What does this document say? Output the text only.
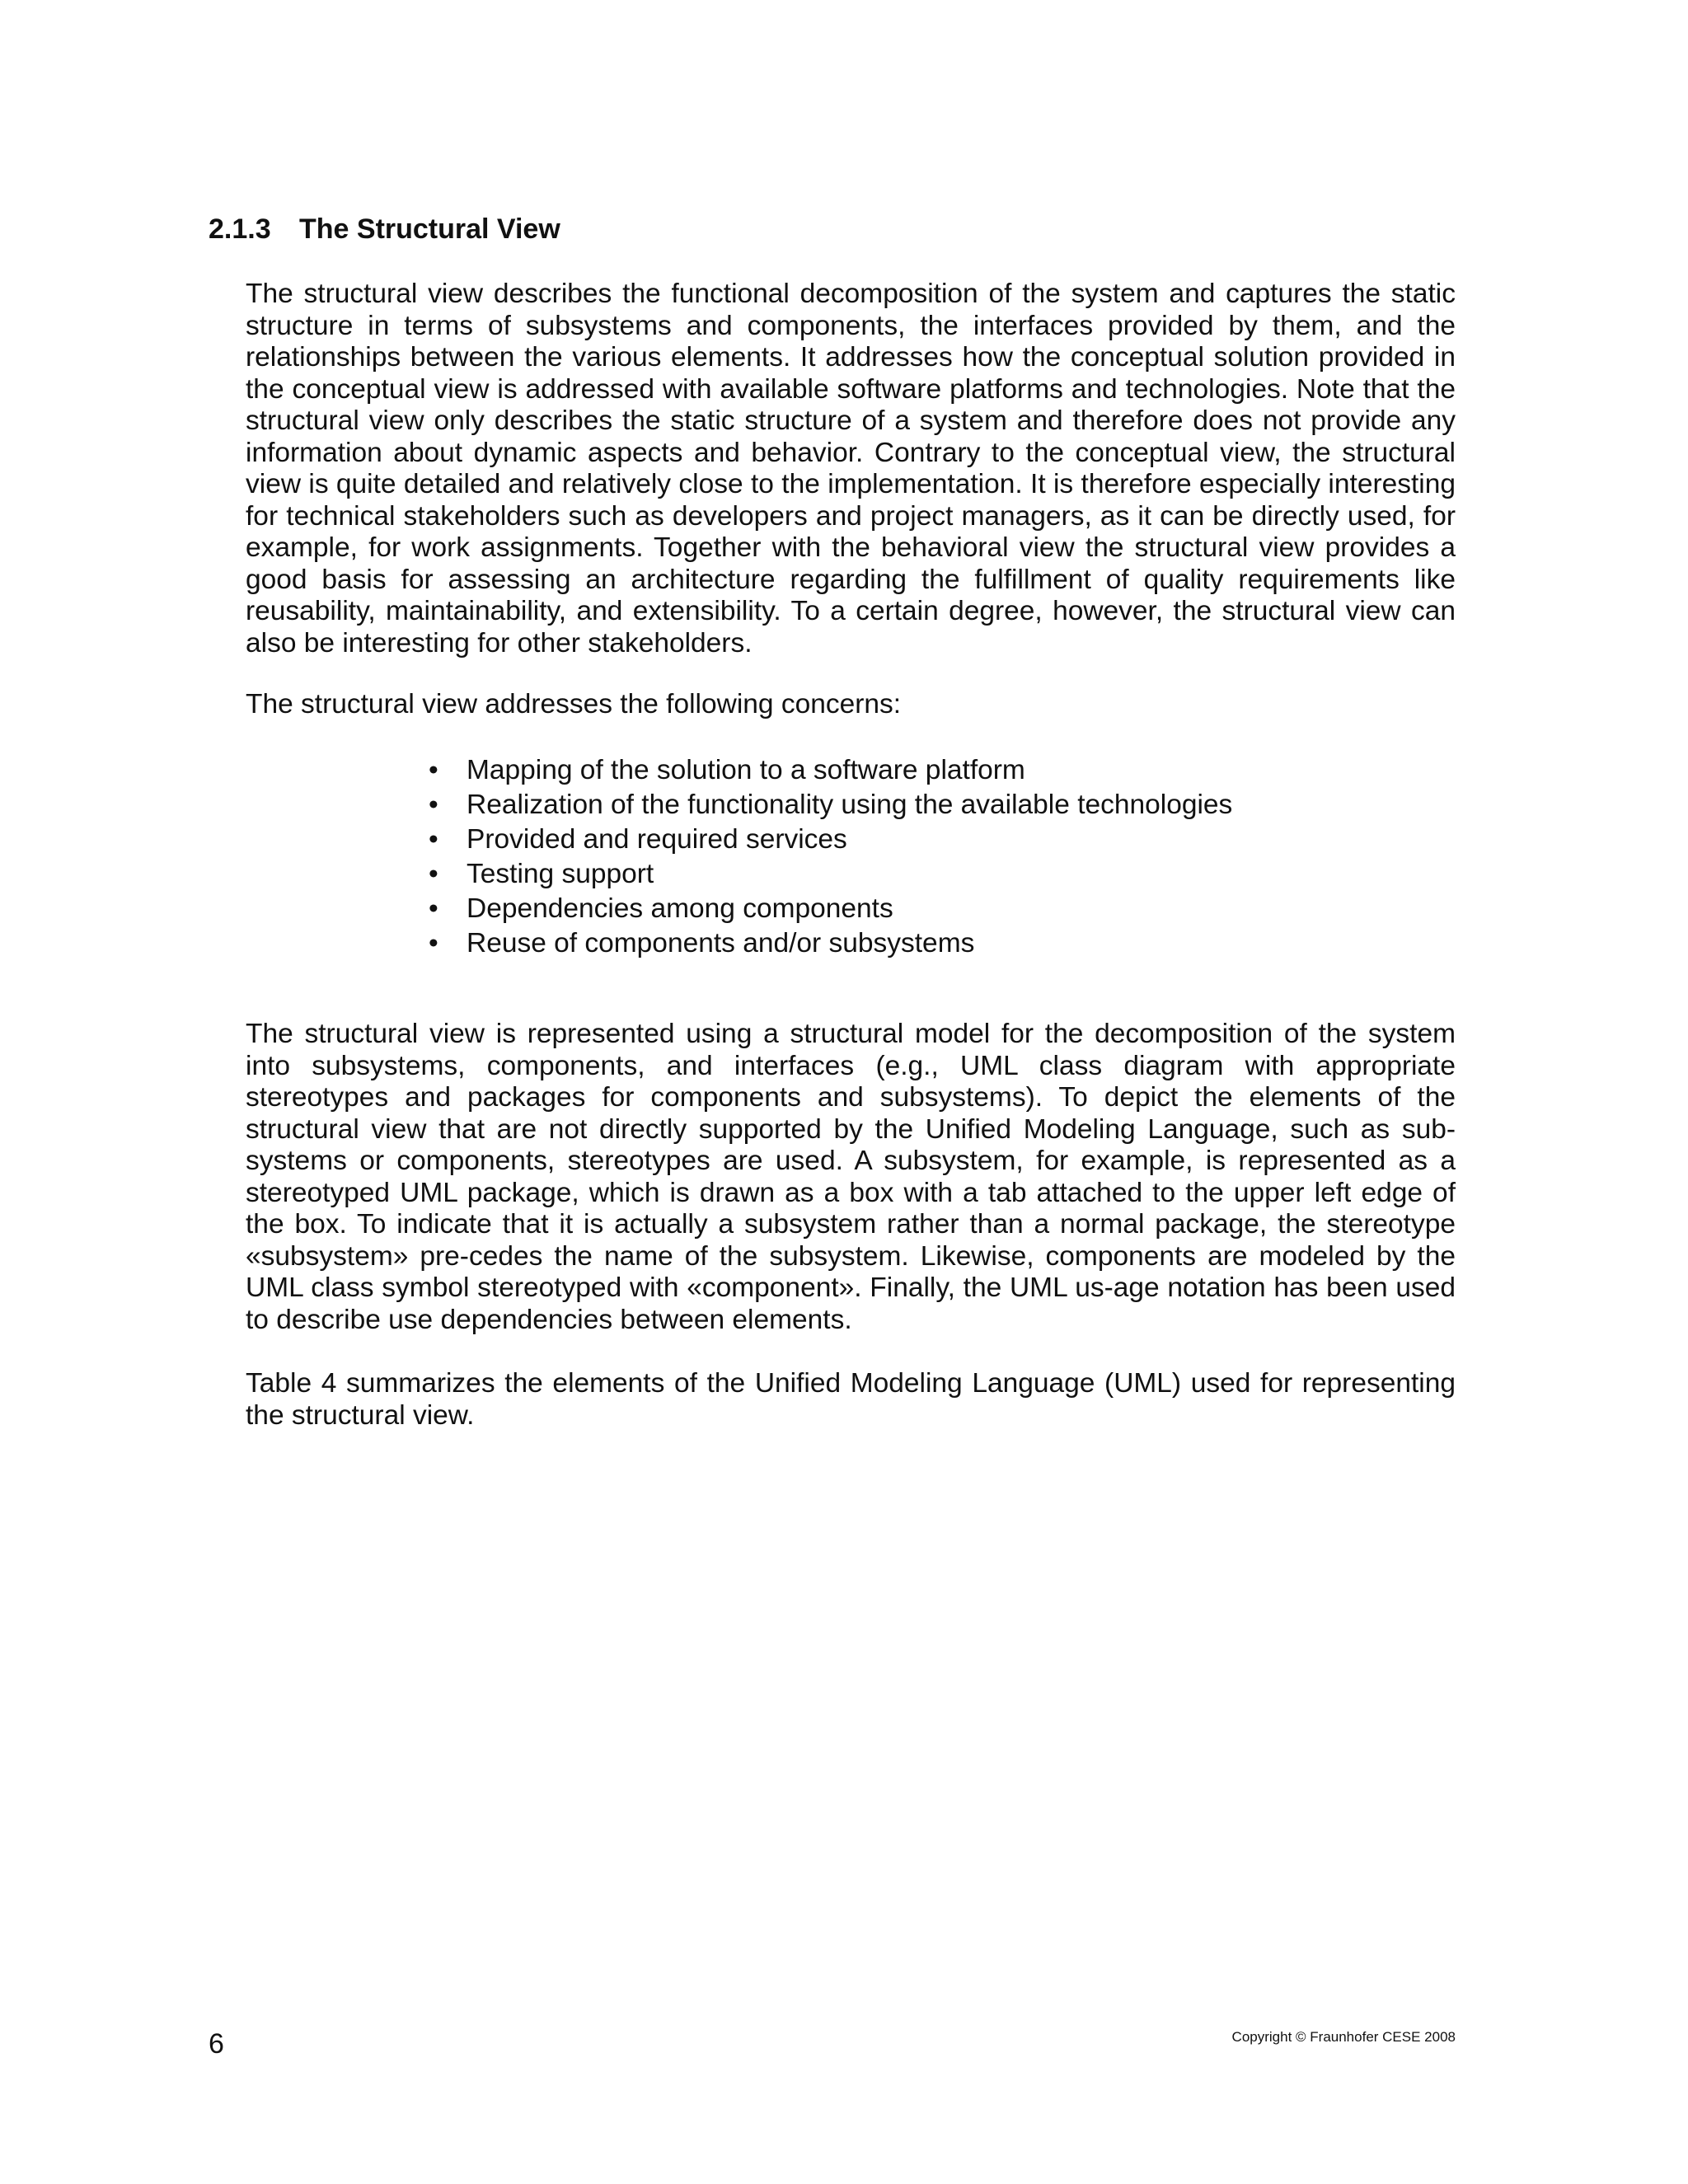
2.1.3 The Structural View

The structural view describes the functional decomposition of the system and captures the static structure in terms of subsystems and components, the interfaces provided by them, and the relationships between the various elements. It addresses how the conceptual solution provided in the conceptual view is addressed with available software platforms and technologies. Note that the structural view only describes the static structure of a system and therefore does not provide any information about dynamic aspects and behavior. Contrary to the conceptual view, the structural view is quite detailed and relatively close to the implementation. It is therefore especially interesting for technical stakeholders such as developers and project managers, as it can be directly used, for example, for work assignments. Together with the behavioral view the structural view provides a good basis for assessing an architecture regarding the fulfillment of quality requirements like reusability, maintainability, and extensibility. To a certain degree, however, the structural view can also be interesting for other stakeholders.

The structural view addresses the following concerns:

• Mapping of the solution to a software platform
• Realization of the functionality using the available technologies
• Provided and required services
• Testing support
• Dependencies among components
• Reuse of components and/or subsystems

The structural view is represented using a structural model for the decomposition of the system into subsystems, components, and interfaces (e.g., UML class diagram with appropriate stereotypes and packages for components and subsystems). To depict the elements of the structural view that are not directly supported by the Unified Modeling Language, such as sub-systems or components, stereotypes are used. A subsystem, for example, is represented as a stereotyped UML package, which is drawn as a box with a tab attached to the upper left edge of the box. To indicate that it is actually a subsystem rather than a normal package, the stereotype «subsystem» pre-cedes the name of the subsystem. Likewise, components are modeled by the UML class symbol stereotyped with «component». Finally, the UML us-age notation has been used to describe use dependencies between elements.

Table 4 summarizes the elements of the Unified Modeling Language (UML) used for representing the structural view.

6	Copyright © Fraunhofer CESE 2008
